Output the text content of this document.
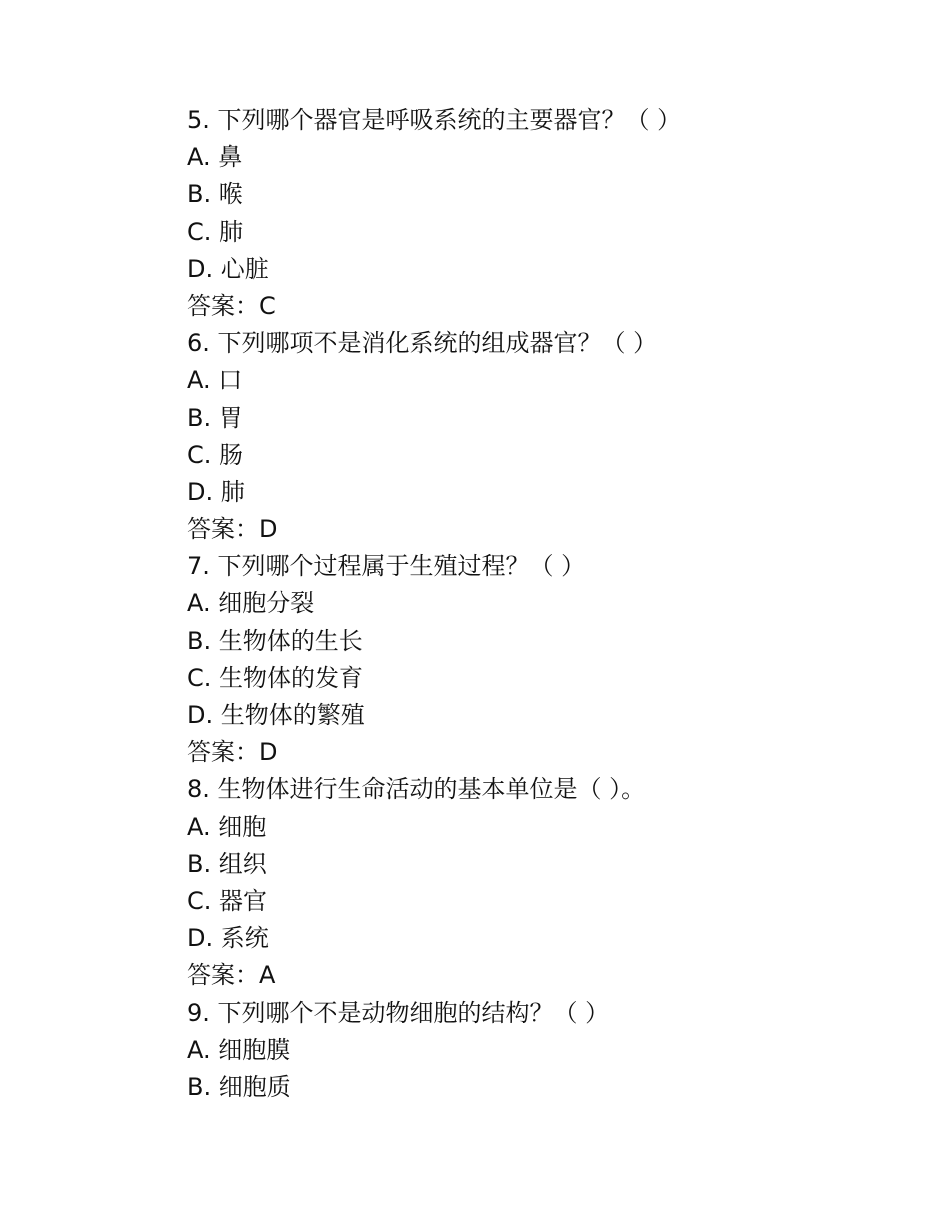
5. 下列哪个器官是呼吸系统的主要器官？（ ）
A. 鼻
B. 喉
C. 肺
D. 心脏
答案：C
6. 下列哪项不是消化系统的组成器官？（ ）
A. 口
B. 胃
C. 肠
D. 肺
答案：D
7. 下列哪个过程属于生殖过程？（ ）
A. 细胞分裂
B. 生物体的生长
C. 生物体的发育
D. 生物体的繁殖
答案：D
8. 生物体进行生命活动的基本单位是（ ）。
A. 细胞
B. 组织
C. 器官
D. 系统
答案：A
9. 下列哪个不是动物细胞的结构？（ ）
A. 细胞膜
B. 细胞质
